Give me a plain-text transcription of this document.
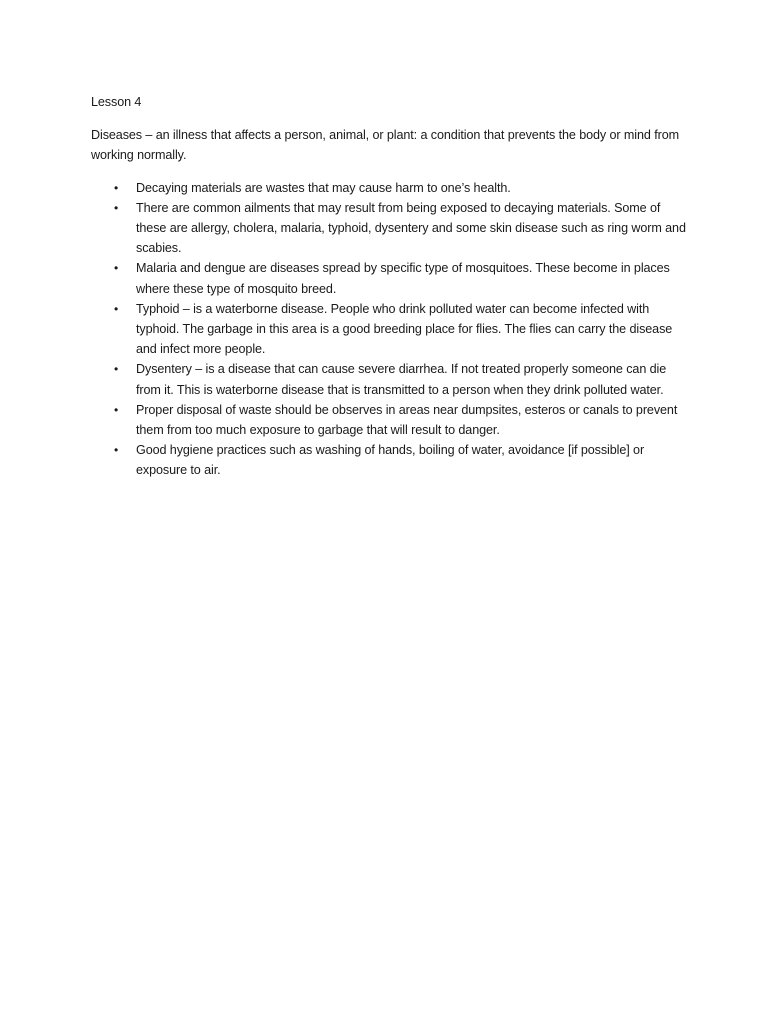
Lesson 4

Diseases – an illness that affects a person, animal, or plant: a condition that prevents the body or mind from working normally.

• Decaying materials are wastes that may cause harm to one’s health.
• There are common ailments that may result from being exposed to decaying materials. Some of these are allergy, cholera, malaria, typhoid, dysentery and some skin disease such as ring worm and scabies.
• Malaria and dengue are diseases spread by specific type of mosquitoes. These become in places where these type of mosquito breed.
• Typhoid – is a waterborne disease. People who drink polluted water can become infected with typhoid. The garbage in this area is a good breeding place for flies. The flies can carry the disease and infect more people.
• Dysentery – is a disease that can cause severe diarrhea. If not treated properly someone can die from it. This is waterborne disease that is transmitted to a person when they drink polluted water.
• Proper disposal of waste should be observes in areas near dumpsites, esteros or canals to prevent them from too much exposure to garbage that will result to danger.
• Good hygiene practices such as washing of hands, boiling of water, avoidance [if possible] or exposure to air.
